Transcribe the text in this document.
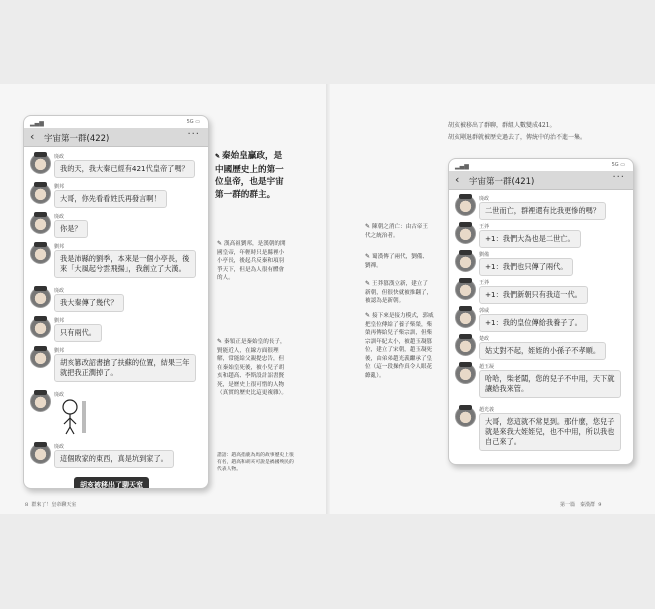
▂▄▆	5G ▭
‹ 宇宙第一群(422)	···
廃政
我的天，我大秦已經有421代皇帝了嗎？
劉邦
大哥，你先看看姓氏再發言啊！
廃政
你是？
劉邦
我是沛縣的劉季，本來是一個小亭長，後來「大風起兮雲飛揚」，我創立了大漢。
廃政
我大秦傳了幾代？
劉邦
只有兩代。
劉邦
胡亥篡改詔書搶了扶蘇的位置，結果三年就把我正潤掉了。
廃政
廃政
這個敗家的東西，真是坑到家了。
胡亥被移出了聊天室
✎ 秦始皇贏政，是中國歷史上的第一位皇帝，也是宇宙第一群的群主。
✎ 漢高祖劉邦，是漢朝的開國皇帝，年輕時只是縣裡小小亭長，後起兵反秦和項羽爭天下，但是為人很有體會的人。
✎ 秦領正是秦始皇的長子，賢能近人，在線方面很理解，常能給父親提忠告，但在秦始皇死後，被小兒子胡亥和趙高、李斯設計詔書賢死，是歷史上很可惜的人物（真實的歷史比這更複雜）。
諧語：趙高指鹿為馬的故事歷史上很有名，趙高和胡亥可說是禍國殃民的代表人物。
胡亥被移出了群聊，群組人數變成421。
胡亥剛退群就被歷史過去了，傳統中的治不進一集。
✎ 陳朝之消亡：由古帝王代之統治者。
✎ 蜀漢傳了兩代，劉備、劉禪。
✎ 王莽篡漢立新，建立了新朝，但很快就被推翻了，被認為是新朝。
✎ 接下來是接力模式，郭威把皇位傳給了養子柴榮，柴榮再傳給兒子柴宗訓，但柴宗訓年紀太小，被趙玉凝篡位，建立了宋朝，趙玉凝死後，由弟弟趙光義繼承了皇位（這一段操作真令人眼花繚亂）。
▂▄▆	5G ▭
‹ 宇宙第一群(421)	···
廃政
二世而亡，群裡還有比我更慘的嗎？
王莽
+1：我們大為也是二世亡。
劉備
+1：我們也只傳了兩代。
王莽
+1：我們新朝只有我這一代。
郭威
+1：我的皇位傳給我養子了。
楚政
姑丈對不起，姪姪的小孫子不孝順。
趙玉凝
哈哈，柴老闆，您的兒子不中用，天下就讓給我來管。
趙光義
大哥，您這就不常見到。那什麼，您兒子就是來我大姪姪兒，也不中用，所以我也自己來了。
8 群來了！皇帝聊天室	第一篇　秦漢群 9
